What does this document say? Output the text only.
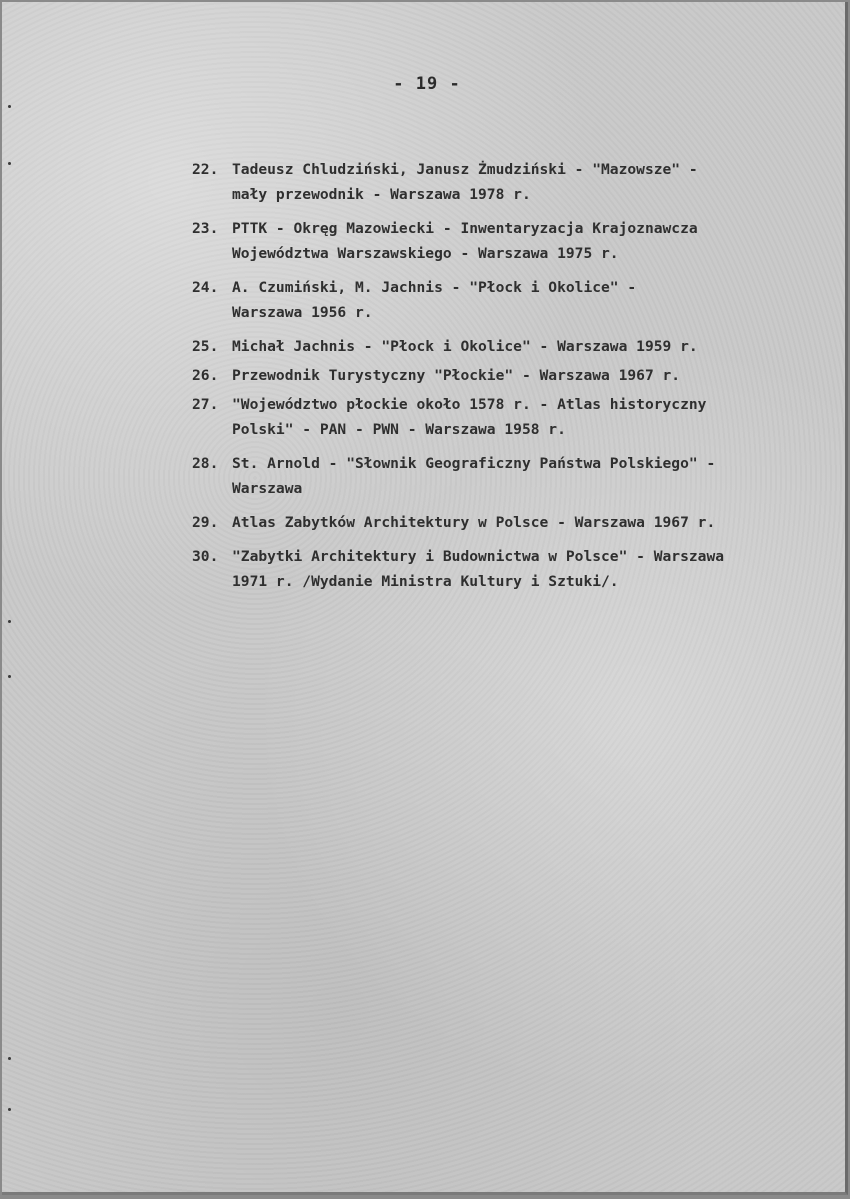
- 19 -
22. Tadeusz Chludziński, Janusz Żmudziński - "Mazowsze" -
mały przewodnik - Warszawa 1978 r.
23. PTTK - Okręg Mazowiecki - Inwentaryzacja Krajoznawcza
Województwa Warszawskiego - Warszawa 1975 r.
24. A. Czumiński, M. Jachnis - "Płock i Okolice" -
Warszawa 1956 r.
25. Michał Jachnis - "Płock i Okolice" - Warszawa 1959 r.
26. Przewodnik Turystyczny "Płockie" - Warszawa 1967 r.
27. "Województwo płockie około 1578 r. - Atlas historyczny
Polski" - PAN - PWN - Warszawa 1958 r.
28. St. Arnold - "Słownik Geograficzny Państwa Polskiego" -
Warszawa
29. Atlas Zabytków Architektury w Polsce - Warszawa 1967 r.
30. "Zabytki Architektury i Budownictwa w Polsce" - Warszawa
1971 r. /Wydanie Ministra Kultury i Sztuki/.
